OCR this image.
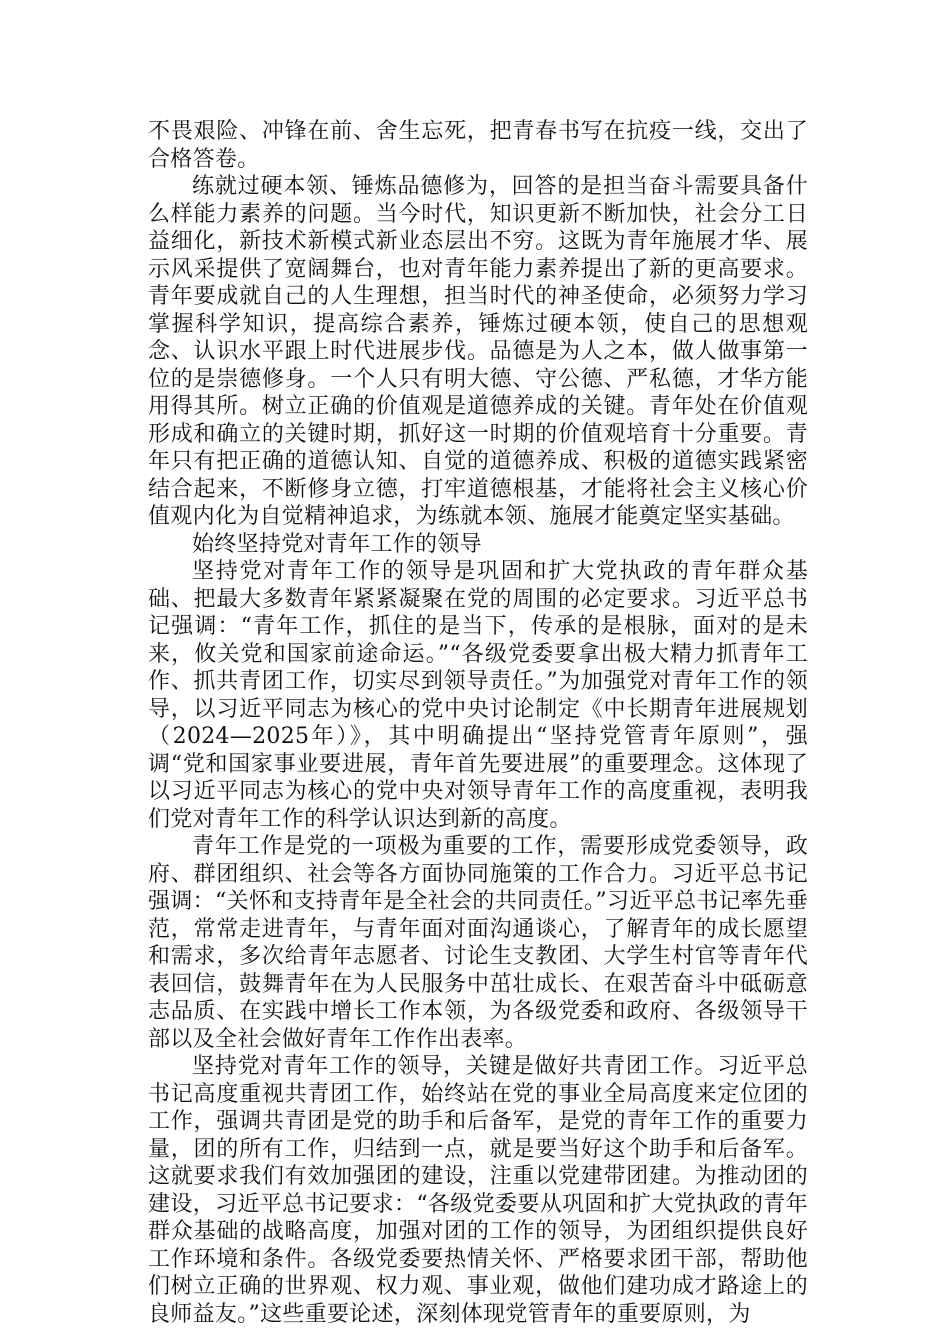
不畏艰险、冲锋在前、舍生忘死，把青春书写在抗疫一线，交出了合格答卷。

练就过硬本领、锤炼品德修为，回答的是担当奋斗需要具备什么样能力素养的问题。当今时代，知识更新不断加快，社会分工日益细化，新技术新模式新业态层出不穷。这既为青年施展才华、展示风采提供了宽阔舞台，也对青年能力素养提出了新的更高要求。青年要成就自己的人生理想，担当时代的神圣使命，必须努力学习掌握科学知识，提高综合素养，锤炼过硬本领，使自己的思想观念、认识水平跟上时代进展步伐。品德是为人之本，做人做事第一位的是崇德修身。一个人只有明大德、守公德、严私德，才华方能用得其所。树立正确的价值观是道德养成的关键。青年处在价值观形成和确立的关键时期，抓好这一时期的价值观培育十分重要。青年只有把正确的道德认知、自觉的道德养成、积极的道德实践紧密结合起来，不断修身立德，打牢道德根基，才能将社会主义核心价值观内化为自觉精神追求，为练就本领、施展才能奠定坚实基础。

始终坚持党对青年工作的领导

坚持党对青年工作的领导是巩固和扩大党执政的青年群众基础、把最大多数青年紧紧凝聚在党的周围的必定要求。习近平总书记强调：“青年工作，抓住的是当下，传承的是根脉，面对的是未来，攸关党和国家前途命运。”“各级党委要拿出极大精力抓青年工作、抓共青团工作，切实尽到领导责任。”为加强党对青年工作的领导，以习近平同志为核心的党中央讨论制定《中长期青年进展规划（2024—2025年）》，其中明确提出“坚持党管青年原则”，强调“党和国家事业要进展，青年首先要进展”的重要理念。这体现了以习近平同志为核心的党中央对领导青年工作的高度重视，表明我们党对青年工作的科学认识达到新的高度。

青年工作是党的一项极为重要的工作，需要形成党委领导，政府、群团组织、社会等各方面协同施策的工作合力。习近平总书记强调：“关怀和支持青年是全社会的共同责任。”习近平总书记率先垂范，常常走进青年，与青年面对面沟通谈心，了解青年的成长愿望和需求，多次给青年志愿者、讨论生支教团、大学生村官等青年代表回信，鼓舞青年在为人民服务中茁壮成长、在艰苦奋斗中砥砺意志品质、在实践中增长工作本领，为各级党委和政府、各级领导干部以及全社会做好青年工作作出表率。

坚持党对青年工作的领导，关键是做好共青团工作。习近平总书记高度重视共青团工作，始终站在党的事业全局高度来定位团的工作，强调共青团是党的助手和后备军，是党的青年工作的重要力量，团的所有工作，归结到一点，就是要当好这个助手和后备军。这就要求我们有效加强团的建设，注重以党建带团建。为推动团的建设，习近平总书记要求：“各级党委要从巩固和扩大党执政的青年群众基础的战略高度，加强对团的工作的领导，为团组织提供良好工作环境和条件。各级党委要热情关怀、严格要求团干部，帮助他们树立正确的世界观、权力观、事业观，做他们建功成才路途上的良师益友。”这些重要论述，深刻体现党管青年的重要原则，为
